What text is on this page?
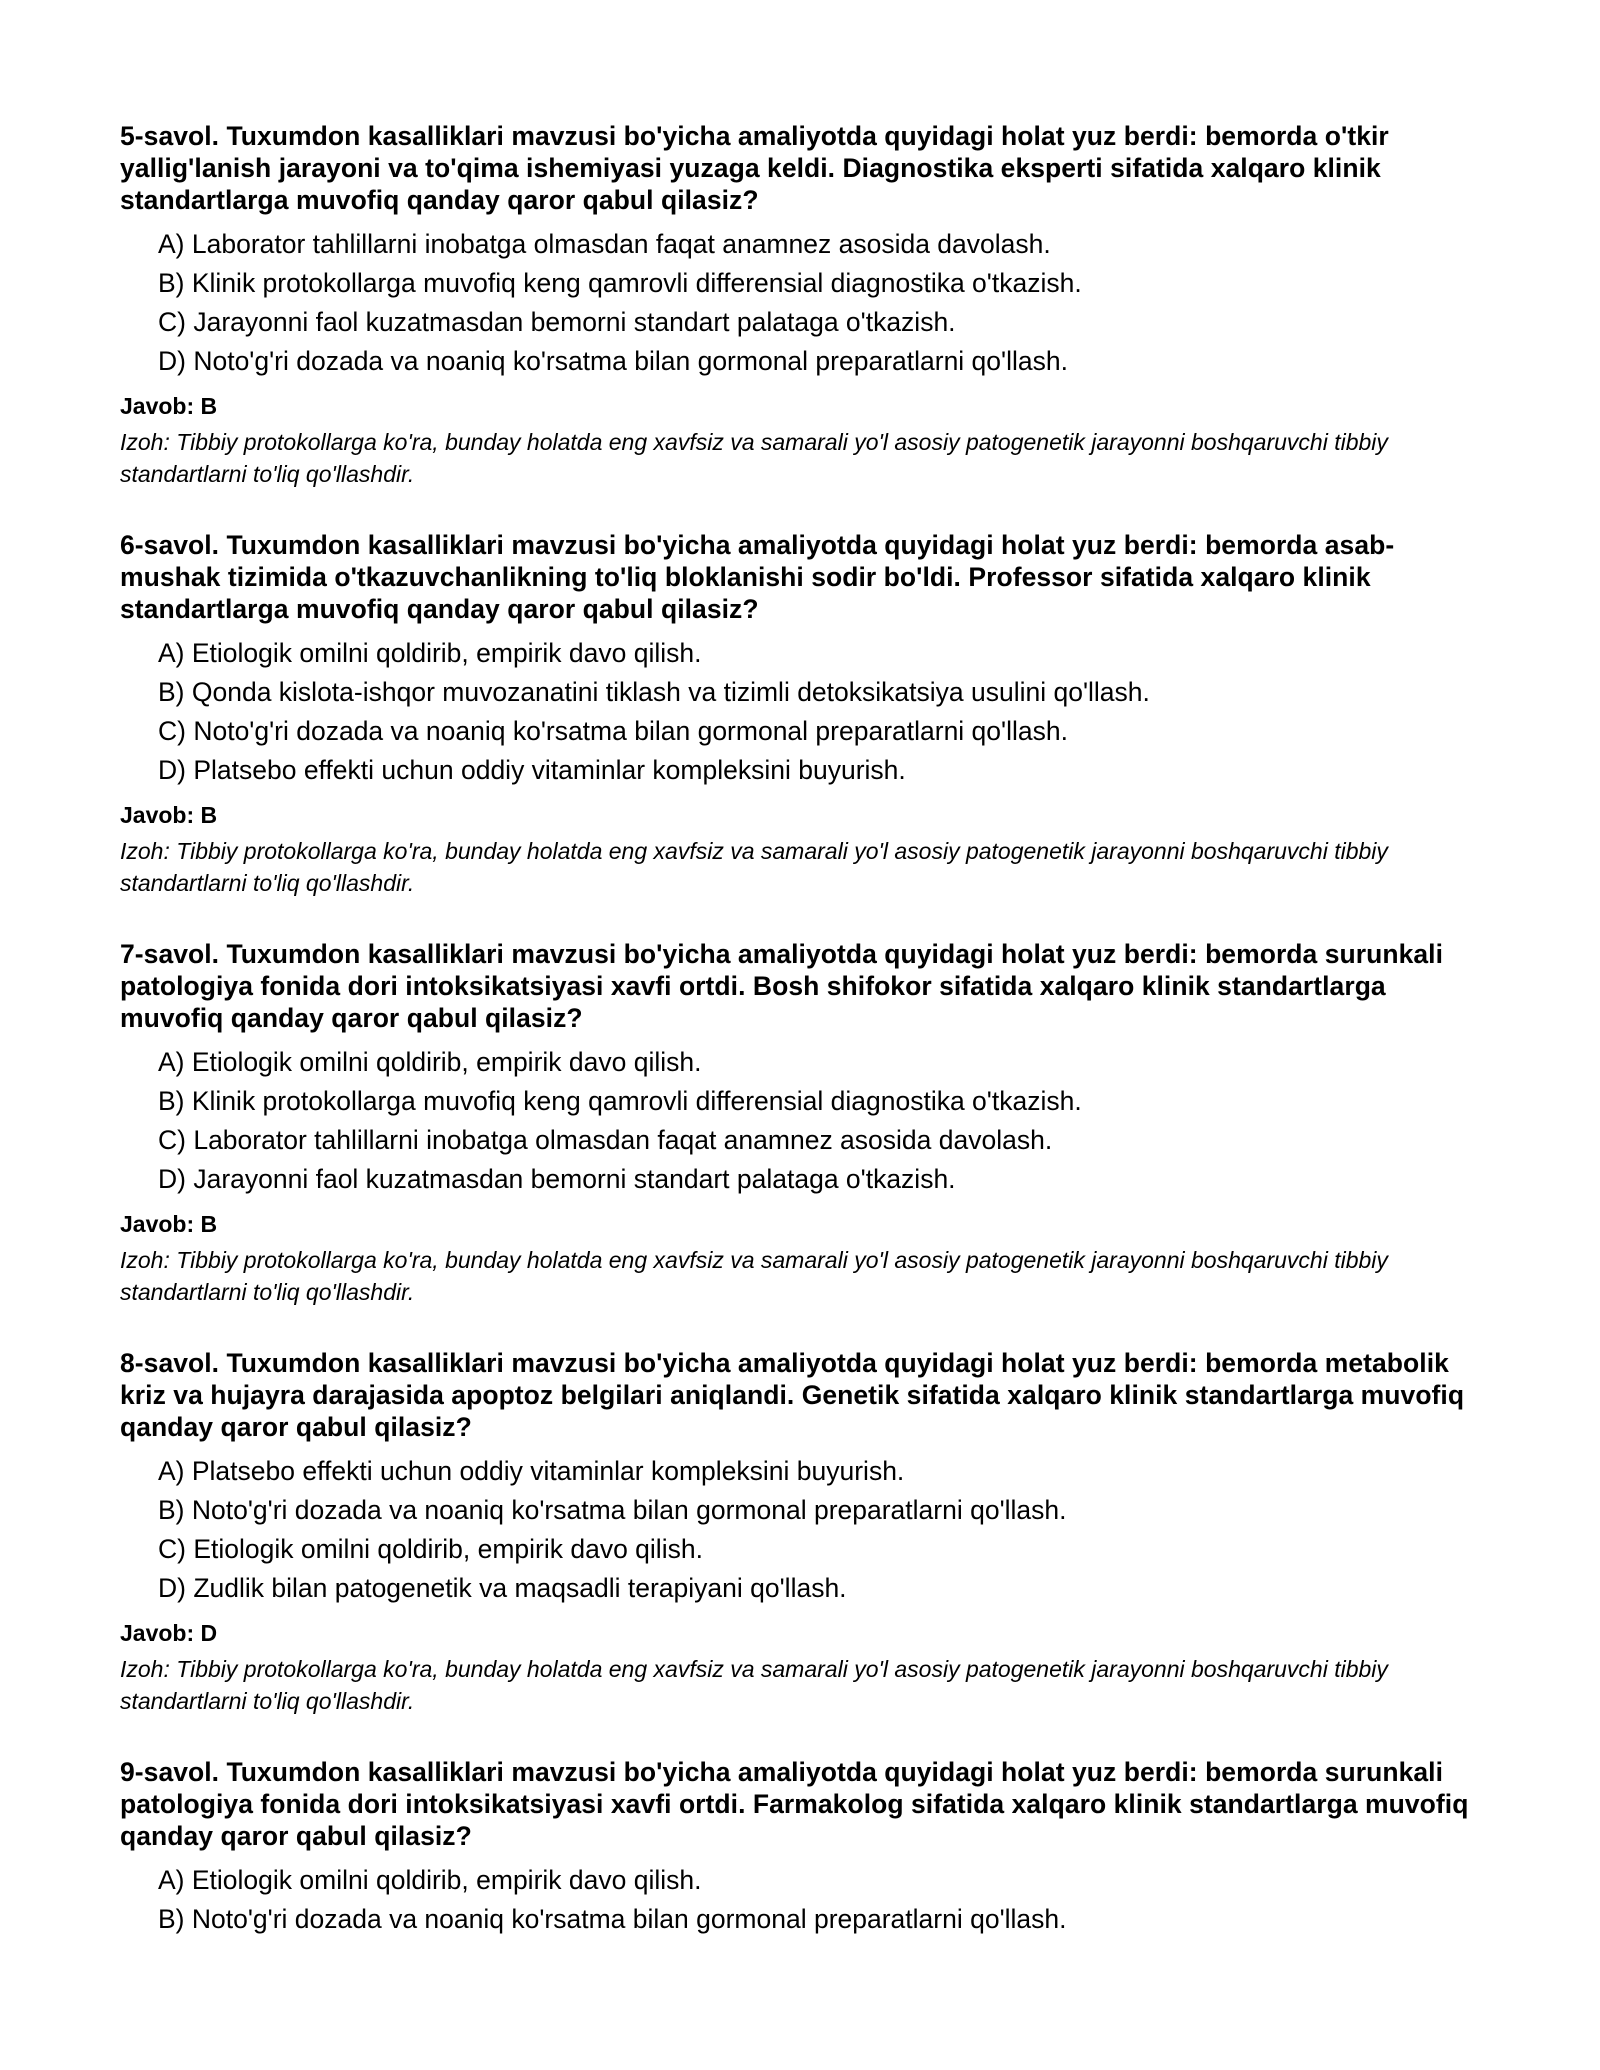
5-savol. Tuxumdon kasalliklari mavzusi bo'yicha amaliyotda quyidagi holat yuz berdi: bemorda o'tkir yallig'lanish jarayoni va to'qima ishemiyasi yuzaga keldi. Diagnostika eksperti sifatida xalqaro klinik standartlarga muvofiq qanday qaror qabul qilasiz?

A) Laborator tahlillarni inobatga olmasdan faqat anamnez asosida davolash.
B) Klinik protokollarga muvofiq keng qamrovli differensial diagnostika o'tkazish.
C) Jarayonni faol kuzatmasdan bemorni standart palataga o'tkazish.
D) Noto'g'ri dozada va noaniq ko'rsatma bilan gormonal preparatlarni qo'llash.

Javob: B

Izoh: Tibbiy protokollarga ko'ra, bunday holatda eng xavfsiz va samarali yo'l asosiy patogenetik jarayonni boshqaruvchi tibbiy standartlarni to'liq qo'llashdir.

6-savol. Tuxumdon kasalliklari mavzusi bo'yicha amaliyotda quyidagi holat yuz berdi: bemorda asab-mushak tizimida o'tkazuvchanlikning to'liq bloklanishi sodir bo'ldi. Professor sifatida xalqaro klinik standartlarga muvofiq qanday qaror qabul qilasiz?

A) Etiologik omilni qoldirib, empirik davo qilish.
B) Qonda kislota-ishqor muvozanatini tiklash va tizimli detoksikatsiya usulini qo'llash.
C) Noto'g'ri dozada va noaniq ko'rsatma bilan gormonal preparatlarni qo'llash.
D) Platsebo effekti uchun oddiy vitaminlar kompleksini buyurish.

Javob: B

Izoh: Tibbiy protokollarga ko'ra, bunday holatda eng xavfsiz va samarali yo'l asosiy patogenetik jarayonni boshqaruvchi tibbiy standartlarni to'liq qo'llashdir.

7-savol. Tuxumdon kasalliklari mavzusi bo'yicha amaliyotda quyidagi holat yuz berdi: bemorda surunkali patologiya fonida dori intoksikatsiyasi xavfi ortdi. Bosh shifokor sifatida xalqaro klinik standartlarga muvofiq qanday qaror qabul qilasiz?

A) Etiologik omilni qoldirib, empirik davo qilish.
B) Klinik protokollarga muvofiq keng qamrovli differensial diagnostika o'tkazish.
C) Laborator tahlillarni inobatga olmasdan faqat anamnez asosida davolash.
D) Jarayonni faol kuzatmasdan bemorni standart palataga o'tkazish.

Javob: B

Izoh: Tibbiy protokollarga ko'ra, bunday holatda eng xavfsiz va samarali yo'l asosiy patogenetik jarayonni boshqaruvchi tibbiy standartlarni to'liq qo'llashdir.

8-savol. Tuxumdon kasalliklari mavzusi bo'yicha amaliyotda quyidagi holat yuz berdi: bemorda metabolik kriz va hujayra darajasida apoptoz belgilari aniqlandi. Genetik sifatida xalqaro klinik standartlarga muvofiq qanday qaror qabul qilasiz?

A) Platsebo effekti uchun oddiy vitaminlar kompleksini buyurish.
B) Noto'g'ri dozada va noaniq ko'rsatma bilan gormonal preparatlarni qo'llash.
C) Etiologik omilni qoldirib, empirik davo qilish.
D) Zudlik bilan patogenetik va maqsadli terapiyani qo'llash.

Javob: D

Izoh: Tibbiy protokollarga ko'ra, bunday holatda eng xavfsiz va samarali yo'l asosiy patogenetik jarayonni boshqaruvchi tibbiy standartlarni to'liq qo'llashdir.

9-savol. Tuxumdon kasalliklari mavzusi bo'yicha amaliyotda quyidagi holat yuz berdi: bemorda surunkali patologiya fonida dori intoksikatsiyasi xavfi ortdi. Farmakolog sifatida xalqaro klinik standartlarga muvofiq qanday qaror qabul qilasiz?

A) Etiologik omilni qoldirib, empirik davo qilish.
B) Noto'g'ri dozada va noaniq ko'rsatma bilan gormonal preparatlarni qo'llash.
